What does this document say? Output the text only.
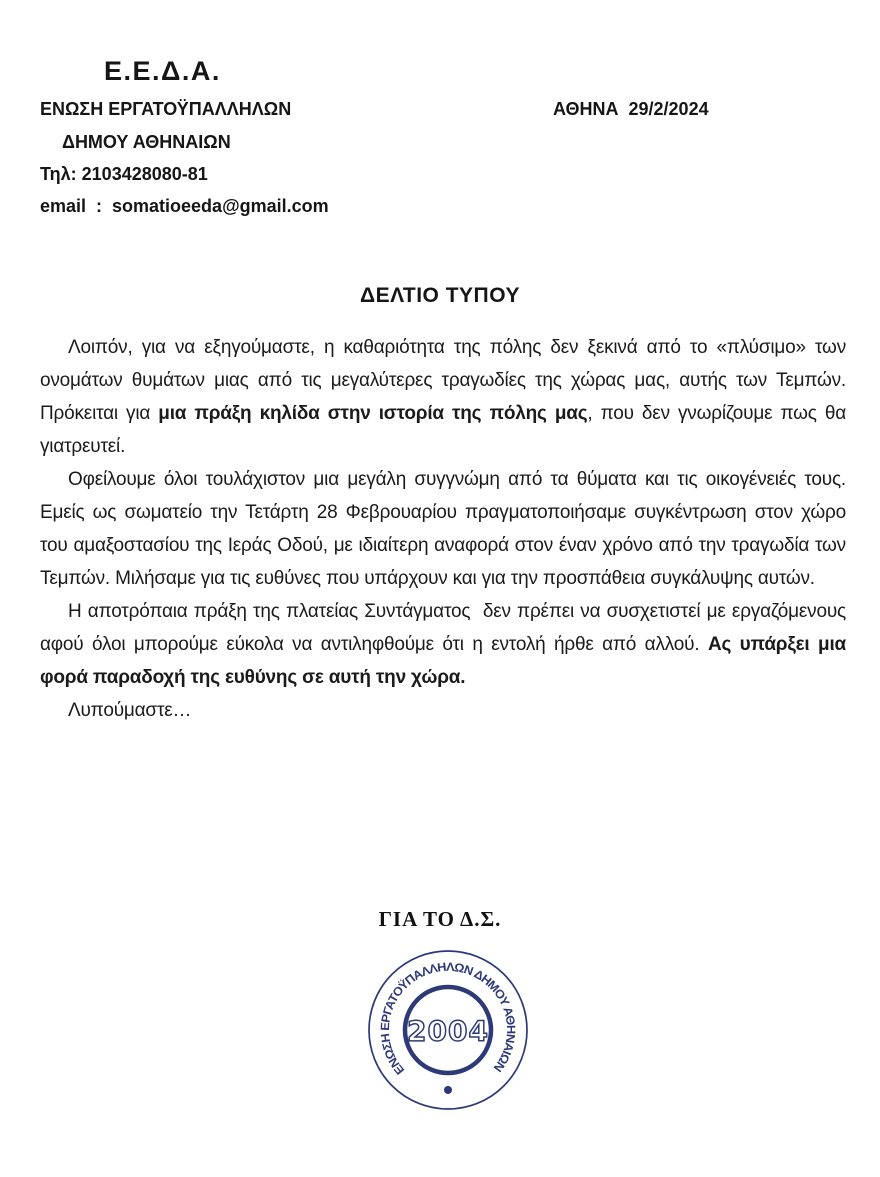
Ε.Ε.Δ.Α.
ΕΝΩΣΗ ΕΡΓΑΤΟΫΠΑΛΛΗΛΩΝ	ΑΘΗΝΑ  29/2/2024
ΔΗΜΟΥ ΑΘΗΝΑΙΩΝ
Τηλ: 2103428080-81
email  :  somatioeeda@gmail.com
ΔΕΛΤΙΟ ΤΥΠΟΥ

Λοιπόν, για να εξηγούμαστε, η καθαριότητα της πόλης δεν ξεκινά από το «πλύσιμο» των ονομάτων θυμάτων μιας από τις μεγαλύτερες τραγωδίες της χώρας μας, αυτής των Τεμπών. Πρόκειται για μια πράξη κηλίδα στην ιστορία της πόλης μας, που δεν γνωρίζουμε πως θα γιατρευτεί.

Οφείλουμε όλοι τουλάχιστον μια μεγάλη συγγνώμη από τα θύματα και τις οικογένειές τους. Εμείς ως σωματείο την Τετάρτη 28 Φεβρουαρίου πραγματοποιήσαμε συγκέντρωση στον χώρο του αμαξοστασίου της Ιεράς Οδού, με ιδιαίτερη αναφορά στον έναν χρόνο από την τραγωδία των Τεμπών. Μιλήσαμε για τις ευθύνες που υπάρχουν και για την προσπάθεια συγκάλυψης αυτών.

Η αποτρόπαια πράξη της πλατείας Συντάγματος  δεν πρέπει να συσχετιστεί με εργαζόμενους αφού όλοι μπορούμε εύκολα να αντιληφθούμε ότι η εντολή ήρθε από αλλού. Ας υπάρξει μια φορά παραδοχή της ευθύνης σε αυτή την χώρα.

Λυπούμαστε…

ΓΙΑ ΤΟ Δ.Σ.
ΕΝΩΣΗ ΕΡΓΑΤΟΫΠΑΛΛΗΛΩΝ ΔΗΜΟΥ ΑΘΗΝΑΙΩΝ
2004
